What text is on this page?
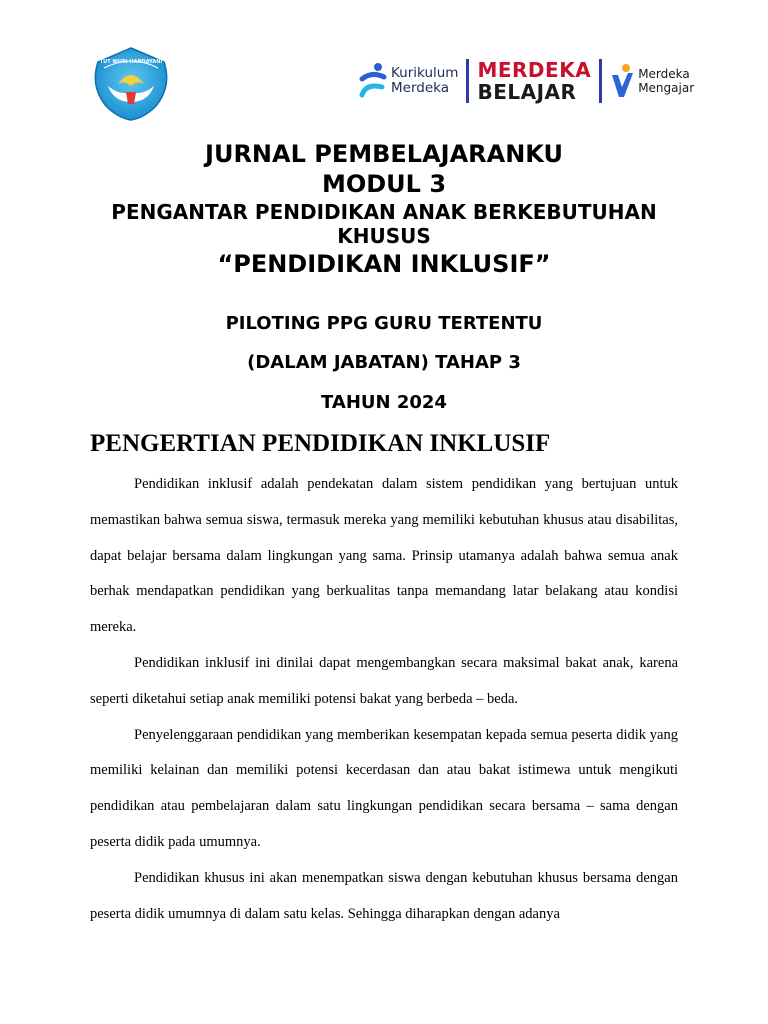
TUT WURI HANDAYANI
Kurikulum
Merdeka
MERDEKA
BELAJAR
Merdeka
Mengajar
JURNAL PEMBELAJARANKU
MODUL 3
PENGANTAR PENDIDIKAN ANAK BERKEBUTUHAN KHUSUS
“PENDIDIKAN INKLUSIF”
PILOTING PPG GURU TERTENTU
(DALAM JABATAN) TAHAP 3
TAHUN 2024
PENGERTIAN PENDIDIKAN INKLUSIF

Pendidikan inklusif adalah pendekatan dalam sistem pendidikan yang bertujuan untuk memastikan bahwa semua siswa, termasuk mereka yang memiliki kebutuhan khusus atau disabilitas, dapat belajar bersama dalam lingkungan yang sama. Prinsip utamanya adalah bahwa semua anak berhak mendapatkan pendidikan yang berkualitas tanpa memandang latar belakang atau kondisi mereka.

Pendidikan inklusif ini dinilai dapat mengembangkan secara maksimal bakat anak, karena seperti diketahui setiap anak memiliki potensi bakat yang berbeda – beda.

Penyelenggaraan pendidikan yang memberikan kesempatan kepada semua peserta didik yang memiliki kelainan dan memiliki potensi kecerdasan dan atau bakat istimewa untuk mengikuti pendidikan atau pembelajaran dalam satu lingkungan pendidikan secara bersama – sama dengan peserta didik pada umumnya.

Pendidikan khusus ini akan menempatkan siswa dengan kebutuhan khusus bersama dengan peserta didik umumnya di dalam satu kelas. Sehingga diharapkan dengan adanya
